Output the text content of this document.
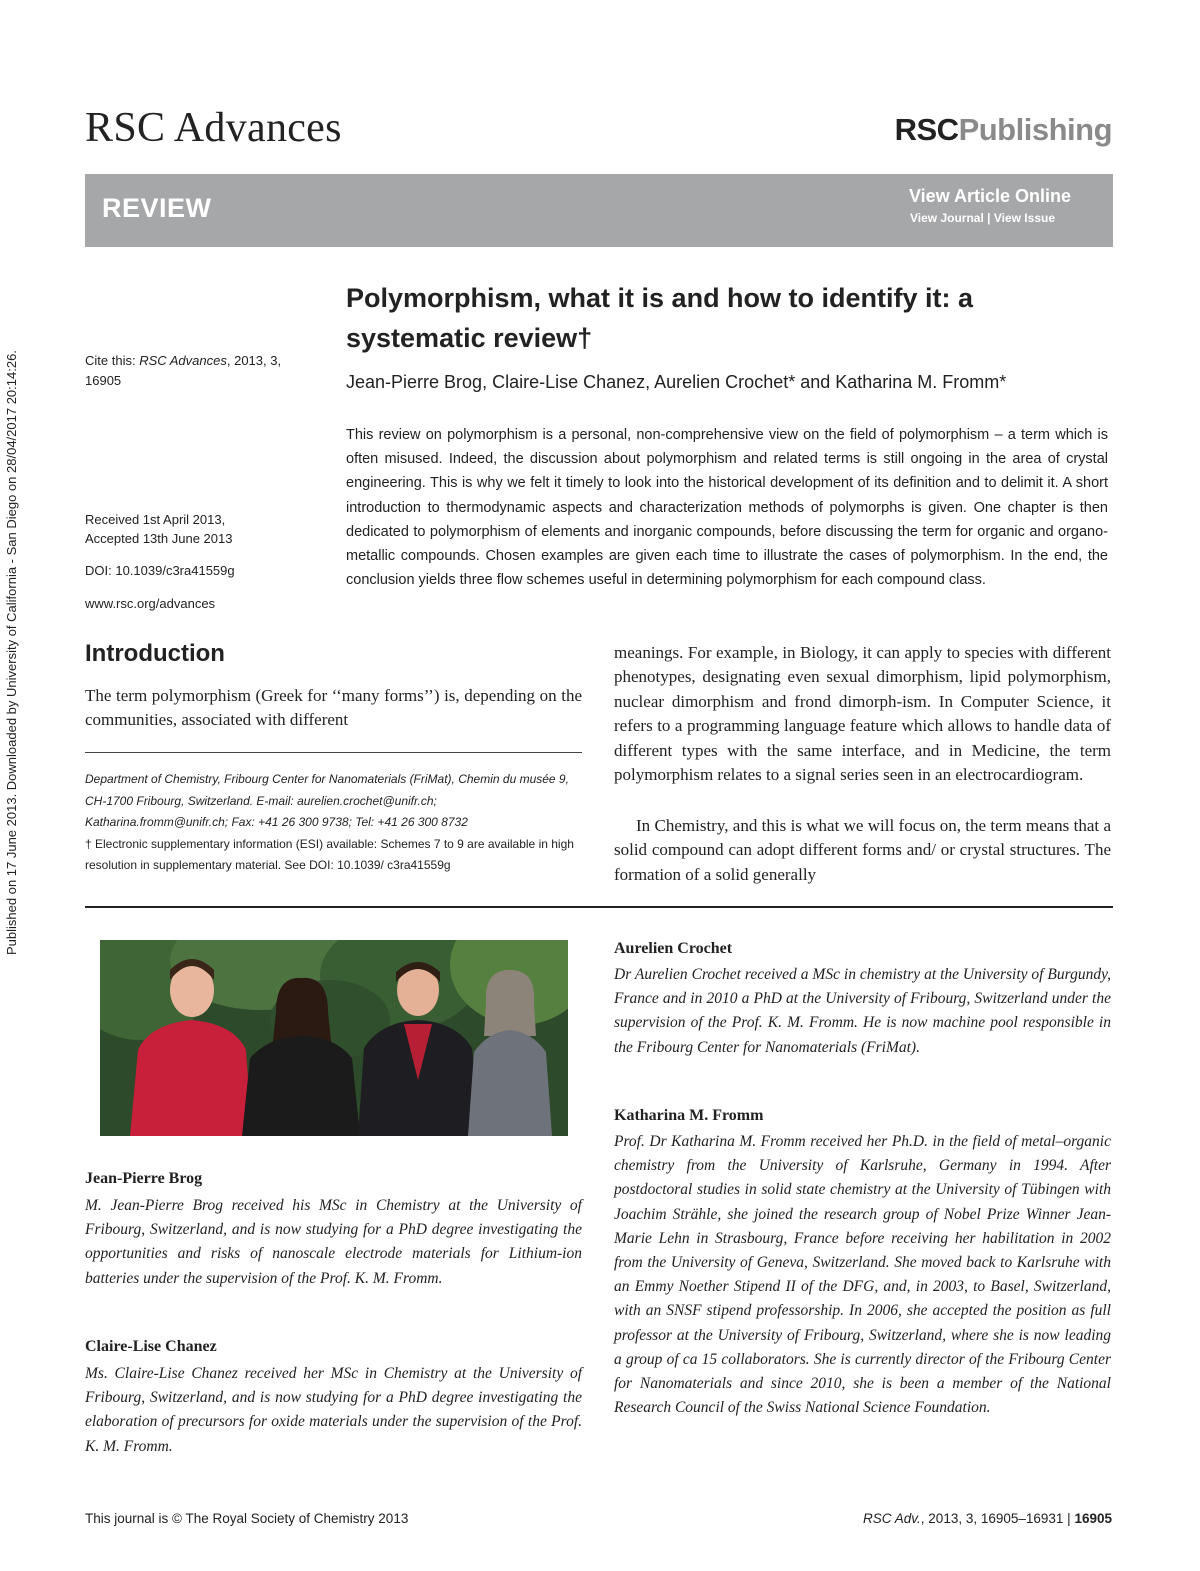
Published on 17 June 2013. Downloaded by University of California - San Diego on 28/04/2017 20:14:26.
RSC Advances	RSCPublishing
REVIEW	View Article Online
View Journal | View Issue
Polymorphism, what it is and how to identify it: a systematic review†
Jean-Pierre Brog, Claire-Lise Chanez, Aurelien Crochet* and Katharina M. Fromm*
Cite this: RSC Advances, 2013, 3,
16905
Received 1st April 2013,
Accepted 13th June 2013
DOI: 10.1039/c3ra41559g
www.rsc.org/advances
This review on polymorphism is a personal, non-comprehensive view on the field of polymorphism – a term which is often misused. Indeed, the discussion about polymorphism and related terms is still ongoing in the area of crystal engineering. This is why we felt it timely to look into the historical development of its definition and to delimit it. A short introduction to thermodynamic aspects and characterization methods of polymorphs is given. One chapter is then dedicated to polymorphism of elements and inorganic compounds, before discussing the term for organic and organo-metallic compounds. Chosen examples are given each time to illustrate the cases of polymorphism. In the end, the conclusion yields three flow schemes useful in determining polymorphism for each compound class.
Introduction
The term polymorphism (Greek for ‘‘many forms’’) is, depending on the communities, associated with different
Department of Chemistry, Fribourg Center for Nanomaterials (FriMat), Chemin du musée 9, CH-1700 Fribourg, Switzerland. E-mail: aurelien.crochet@unifr.ch; Katharina.fromm@unifr.ch; Fax: +41 26 300 9738; Tel: +41 26 300 8732
† Electronic supplementary information (ESI) available: Schemes 7 to 9 are available in high resolution in supplementary material. See DOI: 10.1039/ c3ra41559g
meanings. For example, in Biology, it can apply to species with different phenotypes, designating even sexual dimorphism, lipid polymorphism, nuclear dimorphism and frond dimorph-ism. In Computer Science, it refers to a programming language feature which allows to handle data of different types with the same interface, and in Medicine, the term polymorphism relates to a signal series seen in an electrocardiogram.
In Chemistry, and this is what we will focus on, the term means that a solid compound can adopt different forms and/ or crystal structures. The formation of a solid generally
Jean-Pierre Brog
M. Jean-Pierre Brog received his MSc in Chemistry at the University of Fribourg, Switzerland, and is now studying for a PhD degree investigating the opportunities and risks of nanoscale electrode materials for Lithium-ion batteries under the supervision of the Prof. K. M. Fromm.
Claire-Lise Chanez
Ms. Claire-Lise Chanez received her MSc in Chemistry at the University of Fribourg, Switzerland, and is now studying for a PhD degree investigating the elaboration of precursors for oxide materials under the supervision of the Prof. K. M. Fromm.
Aurelien Crochet
Dr Aurelien Crochet received a MSc in chemistry at the University of Burgundy, France and in 2010 a PhD at the University of Fribourg, Switzerland under the supervision of the Prof. K. M. Fromm. He is now machine pool responsible in the Fribourg Center for Nanomaterials (FriMat).
Katharina M. Fromm
Prof. Dr Katharina M. Fromm received her Ph.D. in the field of metal–organic chemistry from the University of Karlsruhe, Germany in 1994. After postdoctoral studies in solid state chemistry at the University of Tübingen with Joachim Strähle, she joined the research group of Nobel Prize Winner Jean-Marie Lehn in Strasbourg, France before receiving her habilitation in 2002 from the University of Geneva, Switzerland. She moved back to Karlsruhe with an Emmy Noether Stipend II of the DFG, and, in 2003, to Basel, Switzerland, with an SNSF stipend professorship. In 2006, she accepted the position as full professor at the University of Fribourg, Switzerland, where she is now leading a group of ca 15 collaborators. She is currently director of the Fribourg Center for Nanomaterials and since 2010, she is been a member of the National Research Council of the Swiss National Science Foundation.
This journal is © The Royal Society of Chemistry 2013	RSC Adv., 2013, 3, 16905–16931 | 16905
